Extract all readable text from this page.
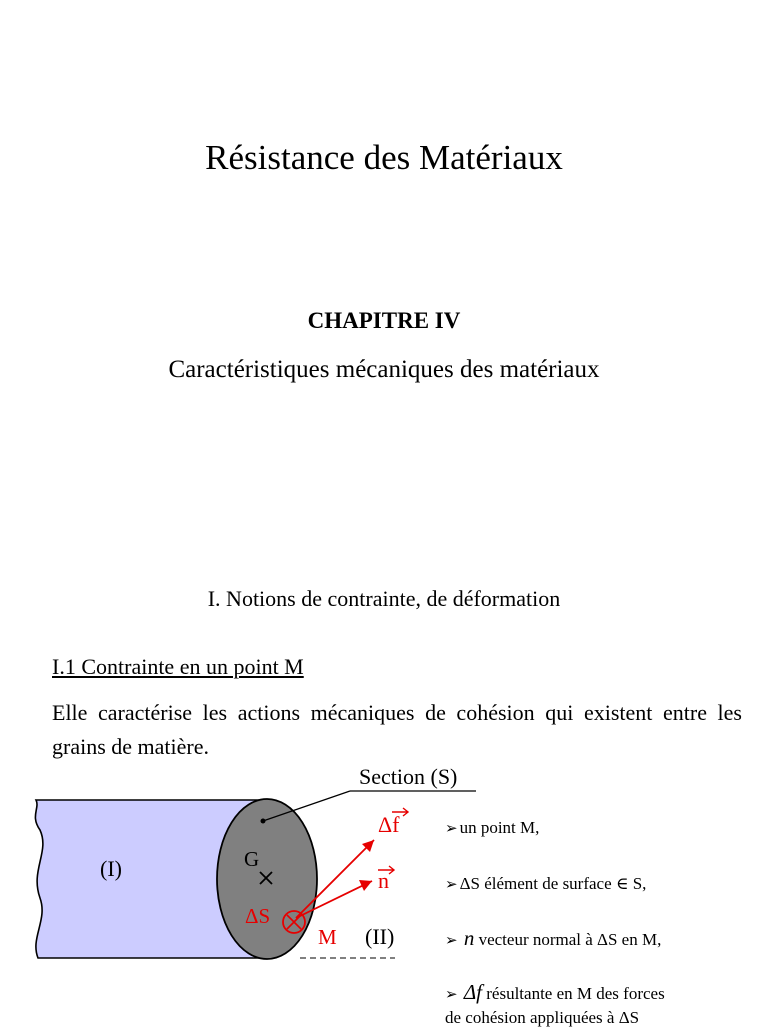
Résistance des Matériaux
CHAPITRE IV
Caractéristiques mécaniques des matériaux
I. Notions de contrainte, de déformation
I.1 Contrainte en un point M
Elle caractérise les actions mécaniques de cohésion qui existent entre les grains de matière.
Section (S)
(I)	G
ΔS
Δf
n
M (II)
➢ un point M,
➢ ΔS élément de surface ∈ S,
➢ n vecteur normal à ΔS en M,
➢ Δf résultante en M des forces
de cohésion appliquées à ΔS
